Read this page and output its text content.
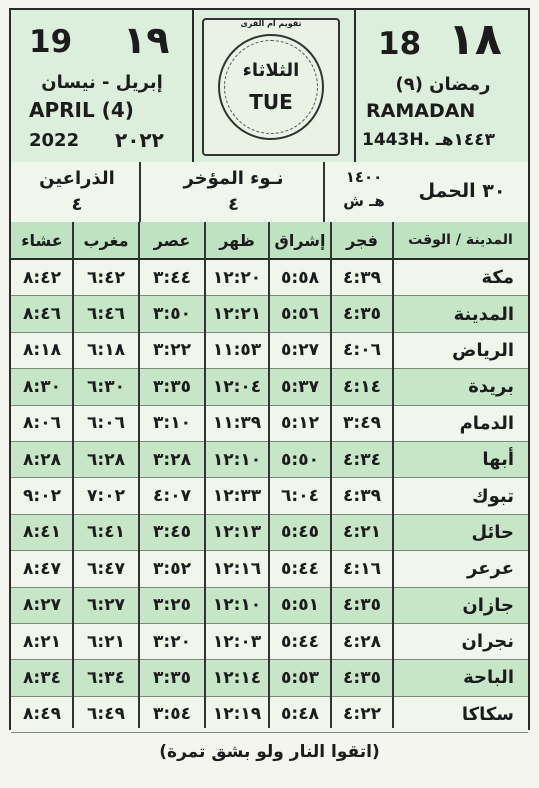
19 ١٩
إبريل - نيسان
APRIL (4)
2022 ٢٠٢٢
الثلاثاء
TUE
تقويم أم القرى
18 ١٨
رمضان (٩)
RAMADAN
1443H. ١٤٤٣هـ
الذراعين
٤
نـوء المؤخر
٤
١٤٠٠
هـ ش	٣٠ الحمل
عشاء	مغرب	عصر	ظهر	إشراق	فجر	المدينة / الوقت
٨:٤٢	٦:٤٢	٣:٤٤	١٢:٢٠	٥:٥٨	٤:٣٩	مكة
٨:٤٦	٦:٤٦	٣:٥٠	١٢:٢١	٥:٥٦	٤:٣٥	المدينة
٨:١٨	٦:١٨	٣:٢٢	١١:٥٣	٥:٢٧	٤:٠٦	الرياض
٨:٣٠	٦:٣٠	٣:٣٥	١٢:٠٤	٥:٣٧	٤:١٤	بريدة
٨:٠٦	٦:٠٦	٣:١٠	١١:٣٩	٥:١٢	٣:٤٩	الدمام
٨:٢٨	٦:٢٨	٣:٢٨	١٢:١٠	٥:٥٠	٤:٣٤	أبها
٩:٠٢	٧:٠٢	٤:٠٧	١٢:٣٣	٦:٠٤	٤:٣٩	تبوك
٨:٤١	٦:٤١	٣:٤٥	١٢:١٣	٥:٤٥	٤:٢١	حائل
٨:٤٧	٦:٤٧	٣:٥٢	١٢:١٦	٥:٤٤	٤:١٦	عرعر
٨:٢٧	٦:٢٧	٣:٢٥	١٢:١٠	٥:٥١	٤:٣٥	جازان
٨:٢١	٦:٢١	٣:٢٠	١٢:٠٣	٥:٤٤	٤:٢٨	نجران
٨:٣٤	٦:٣٤	٣:٣٥	١٢:١٤	٥:٥٣	٤:٣٥	الباحة
٨:٤٩	٦:٤٩	٣:٥٤	١٢:١٩	٥:٤٨	٤:٢٢	سكاكا
(اتقوا النار ولو بشق تمرة)
